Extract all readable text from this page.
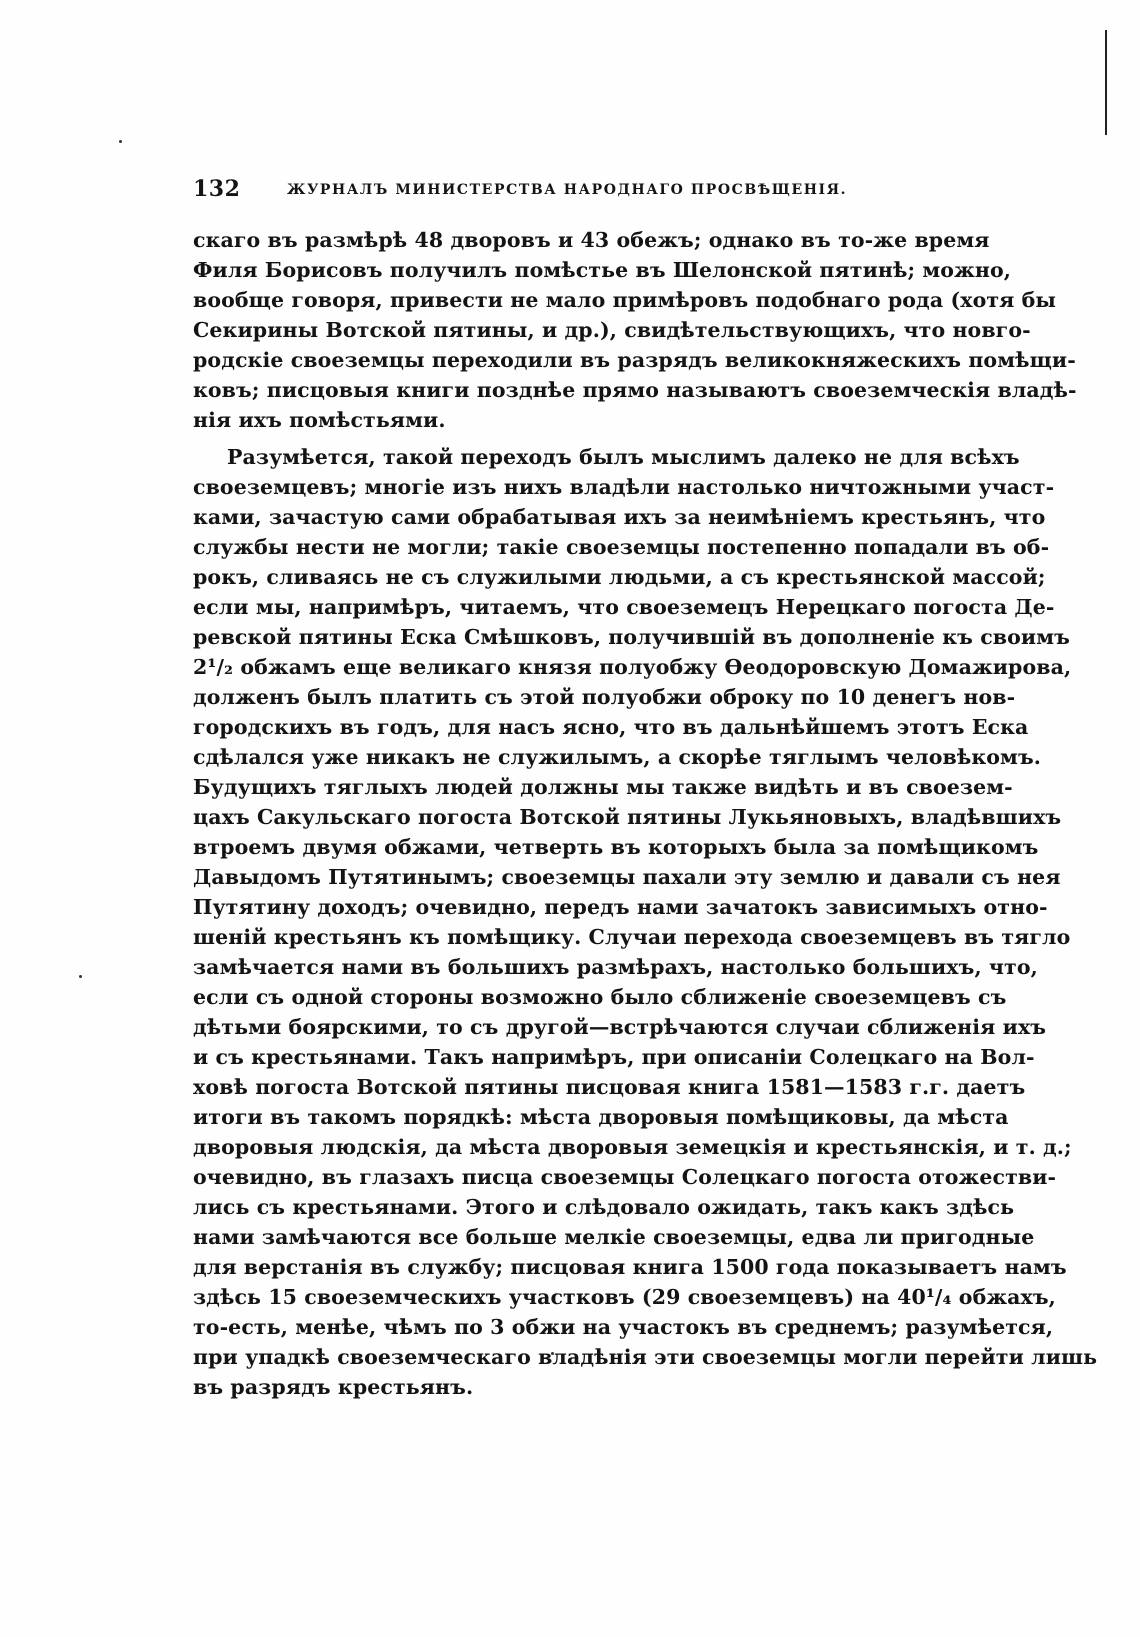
132	ЖУРНАЛЪ МИНИСТЕРСТВА НАРОДНАГО ПРОСВѢЩЕНІЯ.
скаго въ размѣрѣ 48 дворовъ и 43 обежъ; однако въ то-же время
Филя Борисовъ получилъ помѣстье въ Шелонской пятинѣ; можно,
вообще говоря, привести не мало примѣровъ подобнаго рода (хотя бы
Секирины Вотской пятины, и др.), свидѣтельствующихъ, что новго-
родскіе своеземцы переходили въ разрядъ великокняжескихъ помѣщи-
ковъ; писцовыя книги позднѣе прямо называютъ своеземческія владѣ-
нія ихъ помѣстьями.
Разумѣется, такой переходъ былъ мыслимъ далеко не для всѣхъ
своеземцевъ; многіе изъ нихъ владѣли настолько ничтожными участ-
ками, зачастую сами обрабатывая ихъ за неимѣніемъ крестьянъ, что
службы нести не могли; такіе своеземцы постепенно попадали въ об-
рокъ, сливаясь не съ служилыми людьми, а съ крестьянской массой;
если мы, напримѣръ, читаемъ, что своеземецъ Нерецкаго погоста Де-
ревской пятины Еска Смѣшковъ, получившій въ дополненіе къ своимъ
2¹/₂ обжамъ еще великаго князя полуобжу Ѳеодоровскую Домажирова,
долженъ былъ платить съ этой полуобжи оброку по 10 денегъ нов-
городскихъ въ годъ, для насъ ясно, что въ дальнѣйшемъ этотъ Еска
сдѣлался уже никакъ не служилымъ, а скорѣе тяглымъ человѣкомъ.
Будущихъ тяглыхъ людей должны мы также видѣть и въ своезем-
цахъ Сакульскаго погоста Вотской пятины Лукьяновыхъ, владѣвшихъ
втроемъ двумя обжами, четверть въ которыхъ была за помѣщикомъ
Давыдомъ Путятинымъ; своеземцы пахали эту землю и давали съ нея
Путятину доходъ; очевидно, передъ нами зачатокъ зависимыхъ отно-
шеній крестьянъ къ помѣщику. Случаи перехода своеземцевъ въ тягло
замѣчается нами въ большихъ размѣрахъ, настолько большихъ, что,
если съ одной стороны возможно было сближеніе своеземцевъ съ
дѣтьми боярскими, то съ другой—встрѣчаются случаи сближенія ихъ
и съ крестьянами. Такъ напримѣръ, при описаніи Солецкаго на Вол-
ховѣ погоста Вотской пятины писцовая книга 1581—1583 г.г. даетъ
итоги въ такомъ порядкѣ: мѣста дворовыя помѣщиковы, да мѣста
дворовыя людскія, да мѣста дворовыя земецкія и крестьянскія, и т. д.;
очевидно, въ глазахъ писца своеземцы Солецкаго погоста отожестви-
лись съ крестьянами. Этого и слѣдовало ожидать, такъ какъ здѣсь
нами замѣчаются все больше мелкіе своеземцы, едва ли пригодные
для верстанія въ службу; писцовая книга 1500 года показываетъ намъ
здѣсь 15 своеземческихъ участковъ (29 своеземцевъ) на 40¹/₄ обжахъ,
то-есть, менѣе, чѣмъ по 3 обжи на участокъ въ среднемъ; разумѣется,
при упадкѣ своеземческаго владѣнія эти своеземцы могли перейти лишь
въ разрядъ крестьянъ.
